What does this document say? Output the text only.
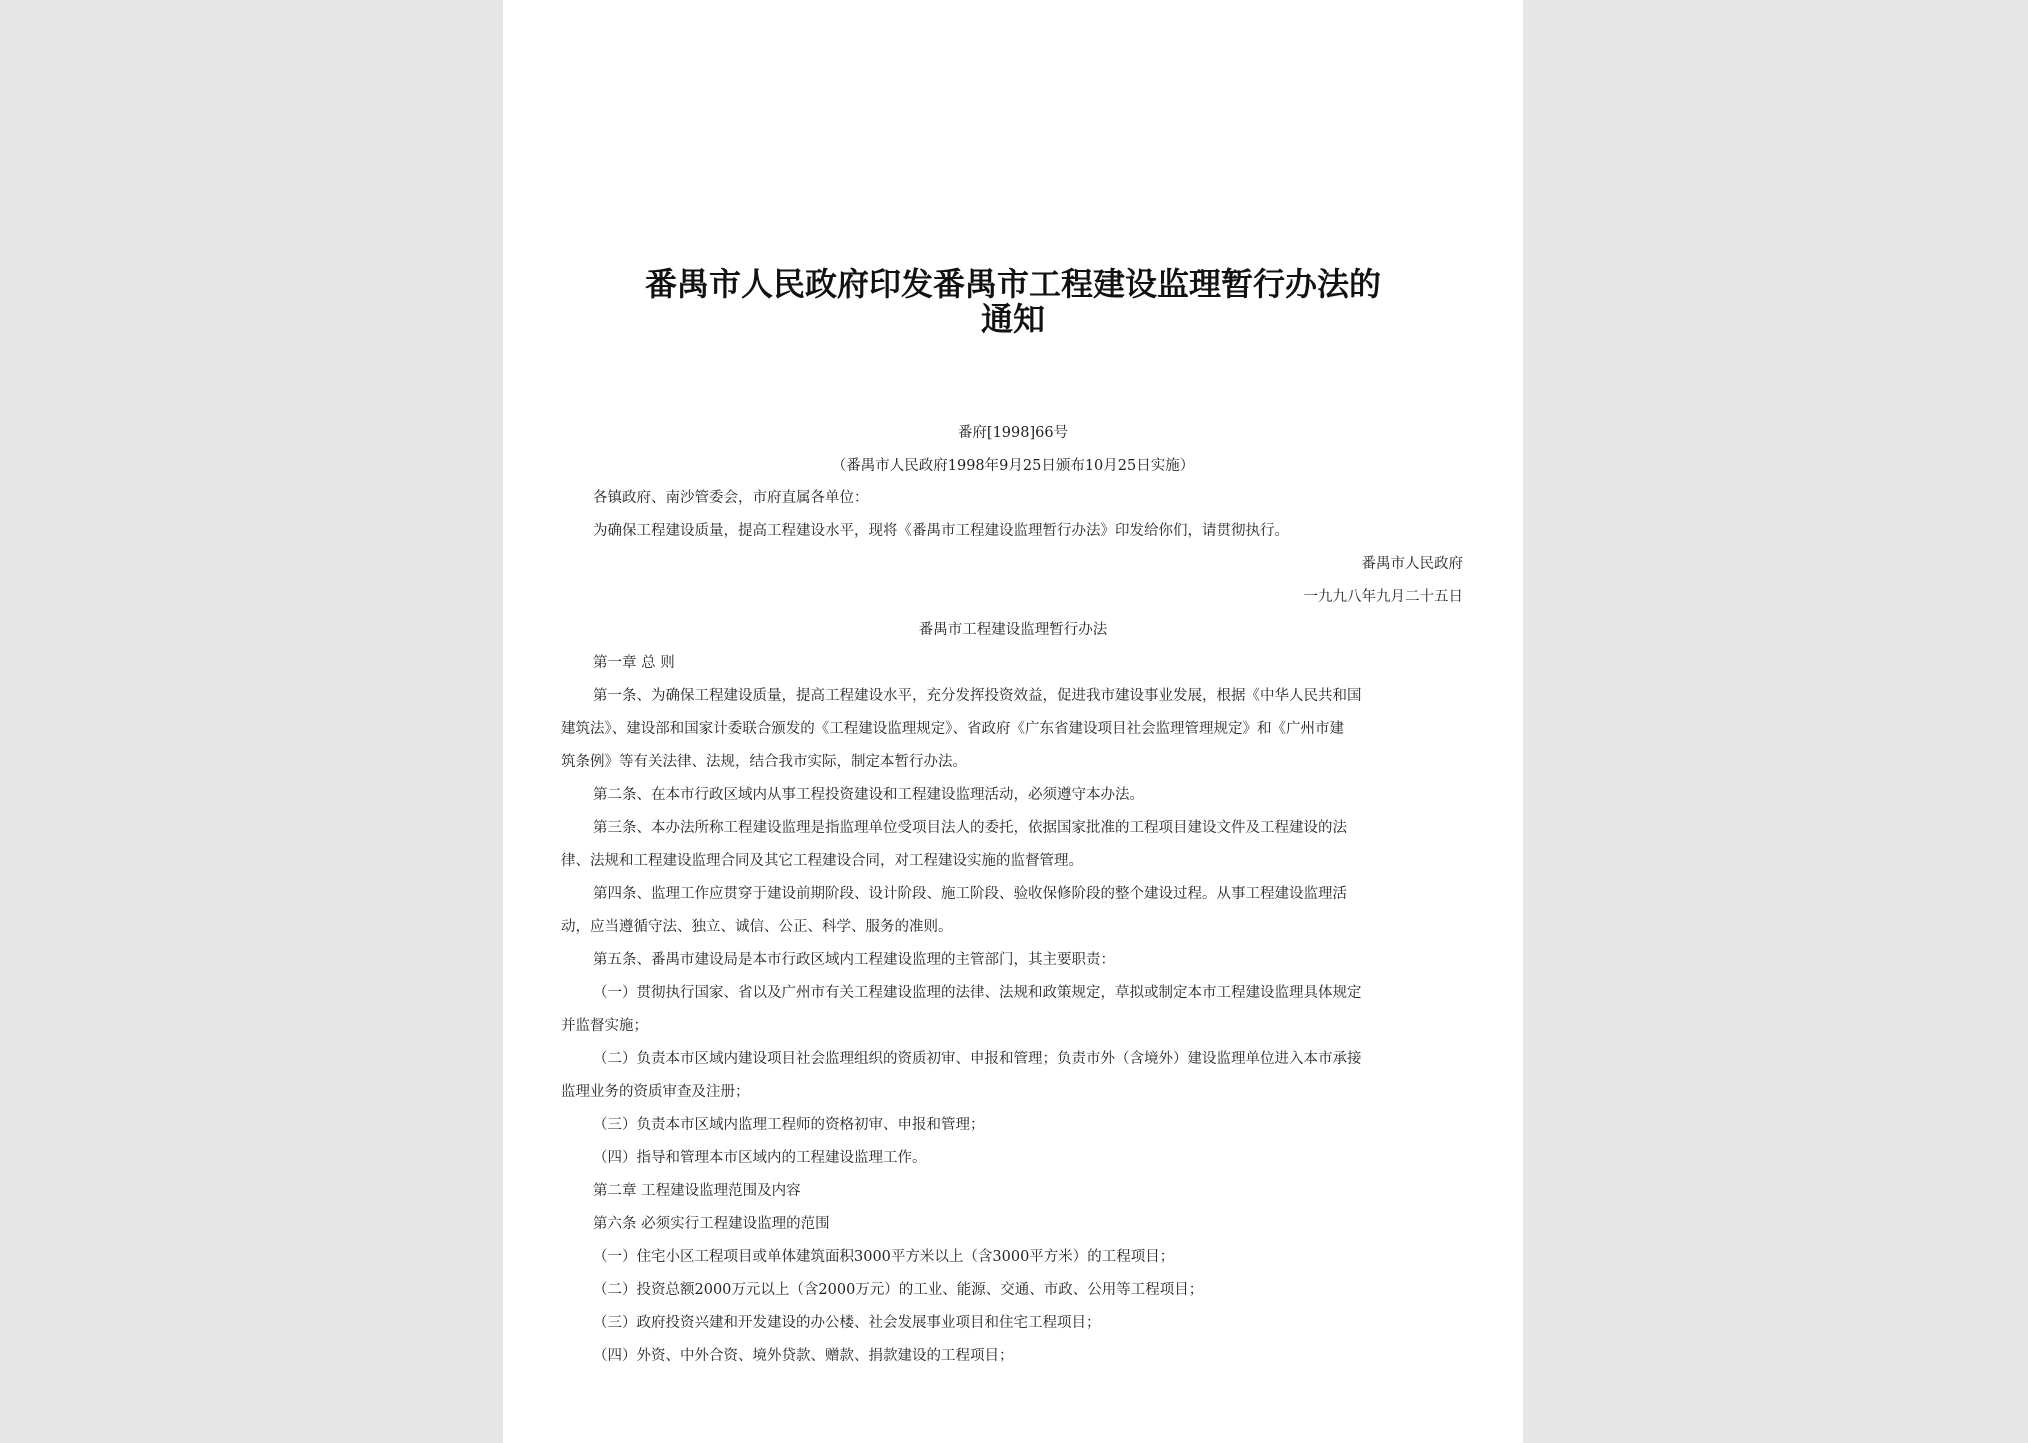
番禺市人民政府印发番禺市工程建设监理暂行办法的
通知
番府[1998]66号
（番禺市人民政府1998年9月25日颁布10月25日实施）
各镇政府、南沙管委会，市府直属各单位：
为确保工程建设质量，提高工程建设水平，现将《番禺市工程建设监理暂行办法》印发给你们，请贯彻执行。
番禺市人民政府
一九九八年九月二十五日
番禺市工程建设监理暂行办法
第一章 总 则
第一条、为确保工程建设质量，提高工程建设水平，充分发挥投资效益，促进我市建设事业发展，根据《中华人民共和国
建筑法》、建设部和国家计委联合颁发的《工程建设监理规定》、省政府《广东省建设项目社会监理管理规定》和《广州市建
筑条例》等有关法律、法规，结合我市实际，制定本暂行办法。
第二条、在本市行政区域内从事工程投资建设和工程建设监理活动，必须遵守本办法。
第三条、本办法所称工程建设监理是指监理单位受项目法人的委托，依据国家批准的工程项目建设文件及工程建设的法
律、法规和工程建设监理合同及其它工程建设合同，对工程建设实施的监督管理。
第四条、监理工作应贯穿于建设前期阶段、设计阶段、施工阶段、验收保修阶段的整个建设过程。从事工程建设监理活
动，应当遵循守法、独立、诚信、公正、科学、服务的准则。
第五条、番禺市建设局是本市行政区域内工程建设监理的主管部门，其主要职责：
（一）贯彻执行国家、省以及广州市有关工程建设监理的法律、法规和政策规定，草拟或制定本市工程建设监理具体规定
并监督实施；
（二）负责本市区域内建设项目社会监理组织的资质初审、申报和管理；负责市外（含境外）建设监理单位进入本市承接
监理业务的资质审查及注册；
（三）负责本市区域内监理工程师的资格初审、申报和管理；
（四）指导和管理本市区域内的工程建设监理工作。
第二章 工程建设监理范围及内容
第六条 必须实行工程建设监理的范围
（一）住宅小区工程项目或单体建筑面积3000平方米以上（含3000平方米）的工程项目；
（二）投资总额2000万元以上（含2000万元）的工业、能源、交通、市政、公用等工程项目；
（三）政府投资兴建和开发建设的办公楼、社会发展事业项目和住宅工程项目；
（四）外资、中外合资、境外贷款、赠款、捐款建设的工程项目；
